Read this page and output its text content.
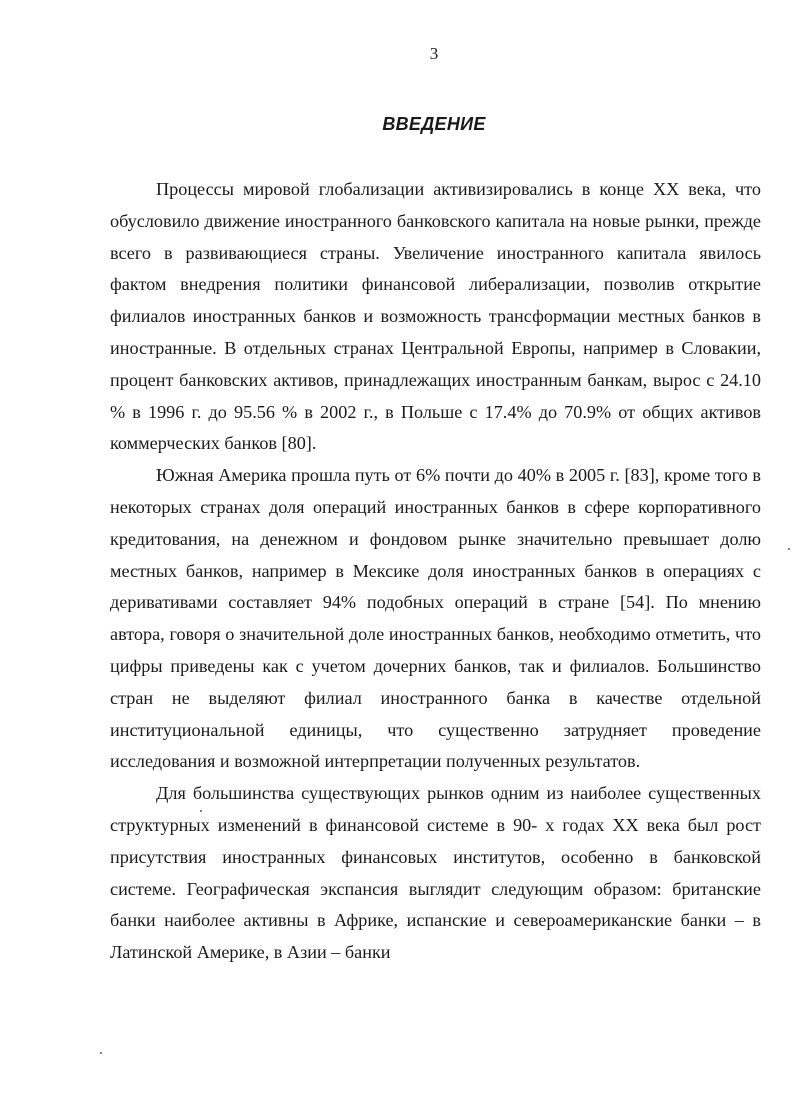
3
ВВЕДЕНИЕ

Процессы мировой глобализации активизировались в конце XX века, что обусловило движение иностранного банковского капитала на новые рынки, прежде всего в развивающиеся страны. Увеличение иностранного капитала явилось фактом внедрения политики финансовой либерализации, позволив открытие филиалов иностранных банков и возможность трансформации местных банков в иностранные. В отдельных странах Центральной Европы, например в Словакии, процент банковских активов, принадлежащих иностранным банкам, вырос с 24.10 % в 1996 г. до 95.56 % в 2002 г., в Польше с 17.4% до 70.9% от общих активов коммерческих банков [80].

Южная Америка прошла путь от 6% почти до 40% в 2005 г. [83], кроме того в некоторых странах доля операций иностранных банков в сфере корпоративного кредитования, на денежном и фондовом рынке значительно превышает долю местных банков, например в Мексике доля иностранных банков в операциях с деривативами составляет 94% подобных операций в стране [54]. По мнению автора, говоря о значительной доле иностранных банков, необходимо отметить, что цифры приведены как с учетом дочерних банков, так и филиалов. Большинство стран не выделяют филиал иностранного банка в качестве отдельной институциональной единицы, что существенно затрудняет проведение исследования и возможной интерпретации полученных результатов.

Для большинства существующих рынков одним из наиболее существенных структурных изменений в финансовой системе в 90- х годах XX века был рост присутствия иностранных финансовых институтов, особенно в банковской системе. Географическая экспансия выглядит следующим образом: британские банки наиболее активны в Африке, испанские и североамериканские банки – в Латинской Америке, в Азии – банки
